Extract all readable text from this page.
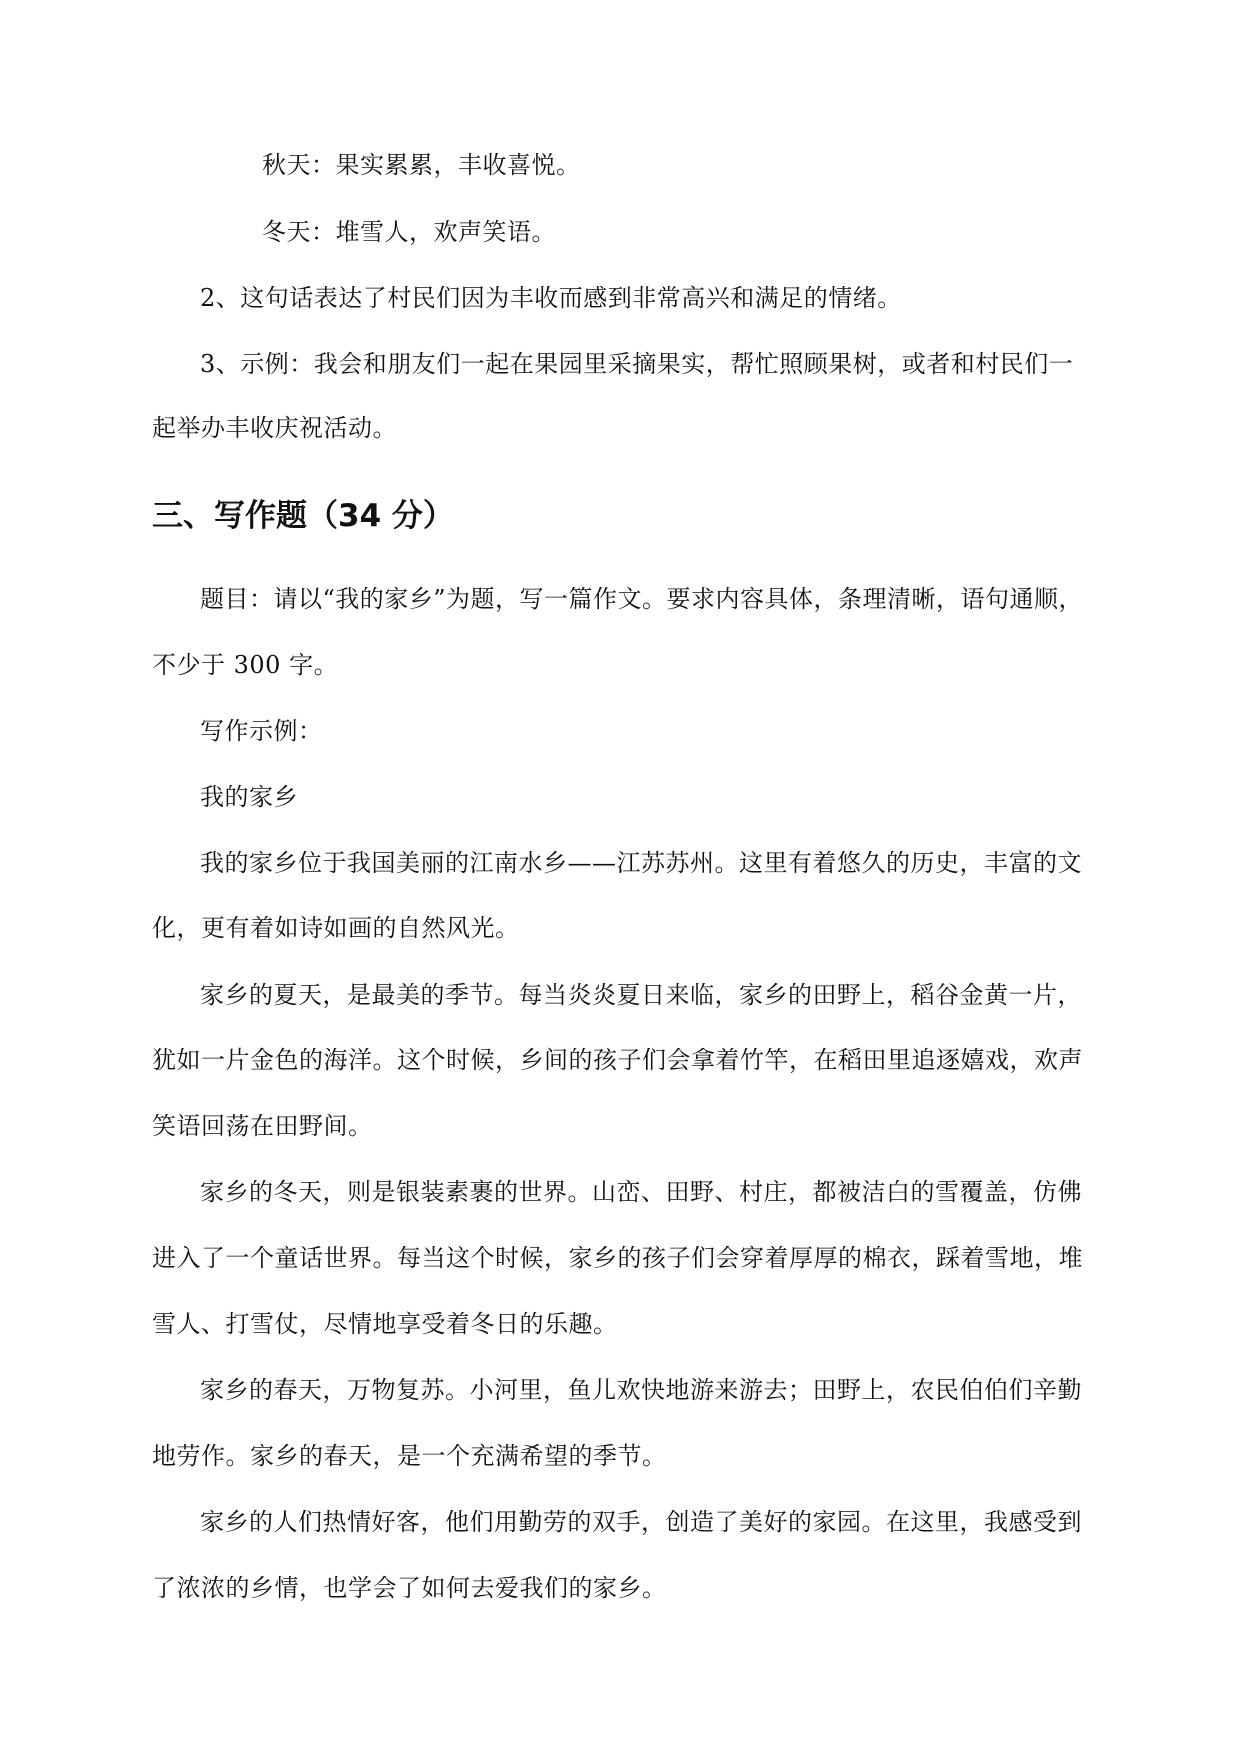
秋天：果实累累，丰收喜悦。
冬天：堆雪人，欢声笑语。
2、这句话表达了村民们因为丰收而感到非常高兴和满足的情绪。
3、示例：我会和朋友们一起在果园里采摘果实，帮忙照顾果树，或者和村民们一
起举办丰收庆祝活动。
三、写作题（34 分）
题目：请以“我的家乡”为题，写一篇作文。要求内容具体，条理清晰，语句通顺，
不少于 300 字。
写作示例：
我的家乡
我的家乡位于我国美丽的江南水乡——江苏苏州。这里有着悠久的历史，丰富的文
化，更有着如诗如画的自然风光。
家乡的夏天，是最美的季节。每当炎炎夏日来临，家乡的田野上，稻谷金黄一片，
犹如一片金色的海洋。这个时候，乡间的孩子们会拿着竹竿，在稻田里追逐嬉戏，欢声
笑语回荡在田野间。
家乡的冬天，则是银装素裹的世界。山峦、田野、村庄，都被洁白的雪覆盖，仿佛
进入了一个童话世界。每当这个时候，家乡的孩子们会穿着厚厚的棉衣，踩着雪地，堆
雪人、打雪仗，尽情地享受着冬日的乐趣。
家乡的春天，万物复苏。小河里，鱼儿欢快地游来游去；田野上，农民伯伯们辛勤
地劳作。家乡的春天，是一个充满希望的季节。
家乡的人们热情好客，他们用勤劳的双手，创造了美好的家园。在这里，我感受到
了浓浓的乡情，也学会了如何去爱我们的家乡。
